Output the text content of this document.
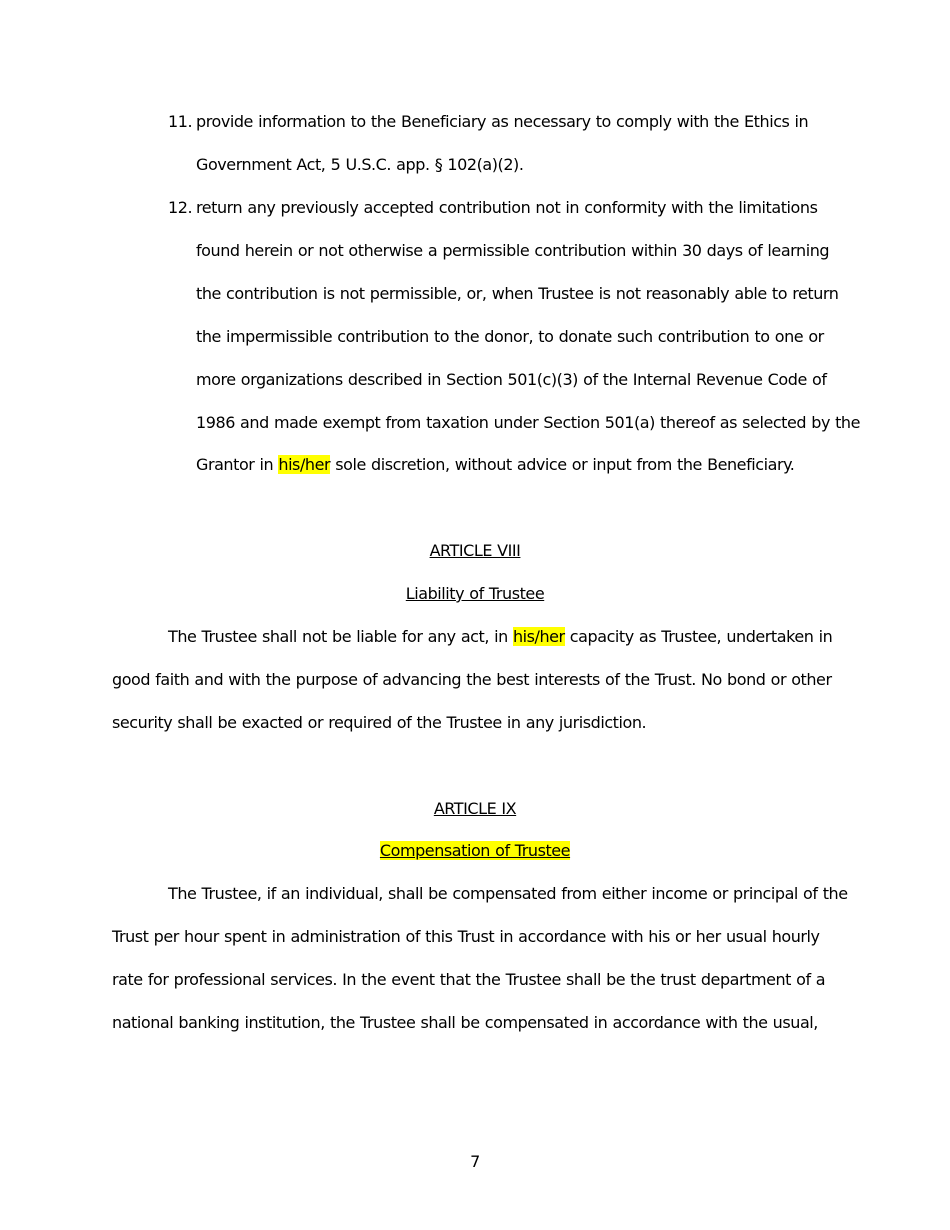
11. provide information to the Beneficiary as necessary to comply with the Ethics in
Government Act, 5 U.S.C. app. § 102(a)(2).
12. return any previously accepted contribution not in conformity with the limitations
found herein or not otherwise a permissible contribution within 30 days of learning
the contribution is not permissible, or, when Trustee is not reasonably able to return
the impermissible contribution to the donor, to donate such contribution to one or
more organizations described in Section 501(c)(3) of the Internal Revenue Code of
1986 and made exempt from taxation under Section 501(a) thereof as selected by the
Grantor in his/her sole discretion, without advice or input from the Beneficiary.
ARTICLE VIII
Liability of Trustee
The Trustee shall not be liable for any act, in his/her capacity as Trustee, undertaken in
good faith and with the purpose of advancing the best interests of the Trust. No bond or other
security shall be exacted or required of the Trustee in any jurisdiction.
ARTICLE IX
Compensation of Trustee
The Trustee, if an individual, shall be compensated from either income or principal of the
Trust per hour spent in administration of this Trust in accordance with his or her usual hourly
rate for professional services. In the event that the Trustee shall be the trust department of a
national banking institution, the Trustee shall be compensated in accordance with the usual,
7
